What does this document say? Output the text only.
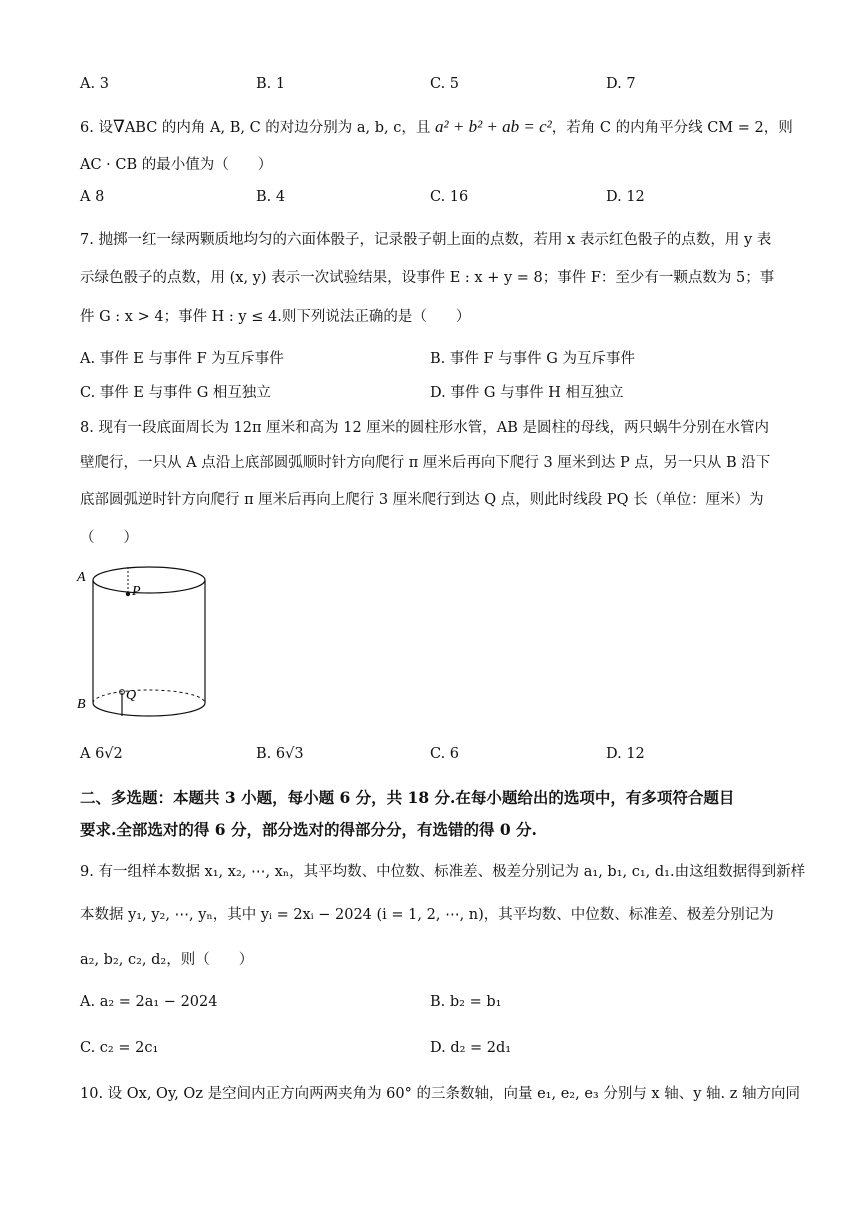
A. 3	B. 1	C. 5	D. 7
6. 设∇ABC 的内角 A, B, C 的对边分别为 a, b, c，且 a² + b² + ab = c²，若角 C 的内角平分线 CM = 2，则
AC · CB 的最小值为（　　）
A 8	B. 4	C. 16	D. 12
7. 抛掷一红一绿两颗质地均匀的六面体骰子，记录骰子朝上面的点数，若用 x 表示红色骰子的点数，用 y 表
示绿色骰子的点数，用 (x, y) 表示一次试验结果，设事件 E : x + y = 8；事件 F：至少有一颗点数为 5；事
件 G : x > 4；事件 H : y ≤ 4.则下列说法正确的是（　　）
A. 事件 E 与事件 F 为互斥事件	B. 事件 F 与事件 G 为互斥事件
C. 事件 E 与事件 G 相互独立	D. 事件 G 与事件 H 相互独立
8. 现有一段底面周长为 12π 厘米和高为 12 厘米的圆柱形水管，AB 是圆柱的母线，两只蜗牛分别在水管内
壁爬行，一只从 A 点沿上底部圆弧顺时针方向爬行 π 厘米后再向下爬行 3 厘米到达 P 点，另一只从 B 沿下
底部圆弧逆时针方向爬行 π 厘米后再向上爬行 3 厘米爬行到达 Q 点，则此时线段 PQ 长（单位：厘米）为
（　　）
A
B
P
Q
A 6√2	B. 6√3	C. 6	D. 12
二、多选题：本题共 3 小题，每小题 6 分，共 18 分.在每小题给出的选项中，有多项符合题目
要求.全部选对的得 6 分，部分选对的得部分分，有选错的得 0 分.
9. 有一组样本数据 x₁, x₂, ⋯, xₙ，其平均数、中位数、标准差、极差分别记为 a₁, b₁, c₁, d₁.由这组数据得到新样
本数据 y₁, y₂, ⋯, yₙ，其中 yᵢ = 2xᵢ − 2024 (i = 1, 2, ⋯, n)，其平均数、中位数、标准差、极差分别记为
a₂, b₂, c₂, d₂，则（　　）
A. a₂ = 2a₁ − 2024	B. b₂ = b₁
C. c₂ = 2c₁	D. d₂ = 2d₁
10. 设 Ox, Oy, Oz 是空间内正方向两两夹角为 60° 的三条数轴，向量 e₁, e₂, e₃ 分别与 x 轴、y 轴. z 轴方向同
